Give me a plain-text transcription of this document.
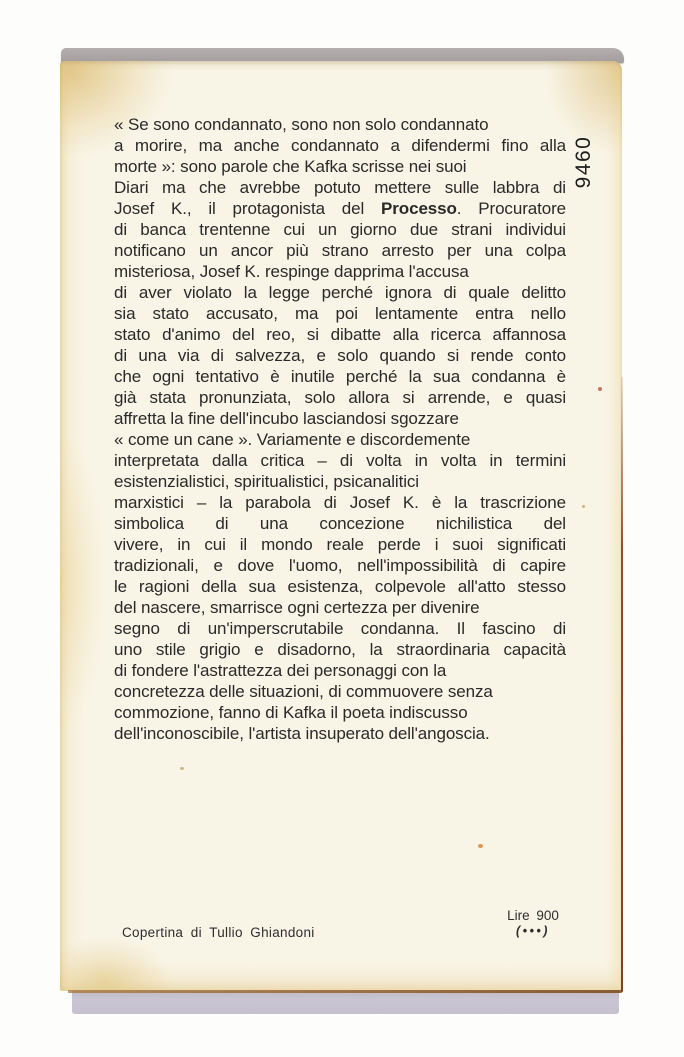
9460
« Se sono condannato, sono non solo condannato
a morire, ma anche condannato a difendermi fino alla
morte »: sono parole che Kafka scrisse nei suoi
Diari ma che avrebbe potuto mettere sulle labbra di
Josef K., il protagonista del Processo. Procuratore
di banca trentenne cui un giorno due strani individui
notificano un ancor più strano arresto per una colpa
misteriosa, Josef K. respinge dapprima l'accusa
di aver violato la legge perché ignora di quale delitto
sia stato accusato, ma poi lentamente entra nello
stato d'animo del reo, si dibatte alla ricerca affannosa
di una via di salvezza, e solo quando si rende conto
che ogni tentativo è inutile perché la sua condanna è
già stata pronunziata, solo allora si arrende, e quasi
affretta la fine dell'incubo lasciandosi sgozzare
« come un cane ». Variamente e discordemente
interpretata dalla critica – di volta in volta in termini
esistenzialistici, spiritualistici, psicanalitici
marxistici – la parabola di Josef K. è la trascrizione
simbolica di una concezione nichilistica del
vivere, in cui il mondo reale perde i suoi significati
tradizionali, e dove l'uomo, nell'impossibilità di capire
le ragioni della sua esistenza, colpevole all'atto stesso
del nascere, smarrisce ogni certezza per divenire
segno di un'imperscrutabile condanna. Il fascino di
uno stile grigio e disadorno, la straordinaria capacità
di fondere l'astrattezza dei personaggi con la
concretezza delle situazioni, di commuovere senza
commozione, fanno di Kafka il poeta indiscusso
dell'inconoscibile, l'artista insuperato dell'angoscia.
Copertina di Tullio Ghiandoni
Lire 900
(•••)
